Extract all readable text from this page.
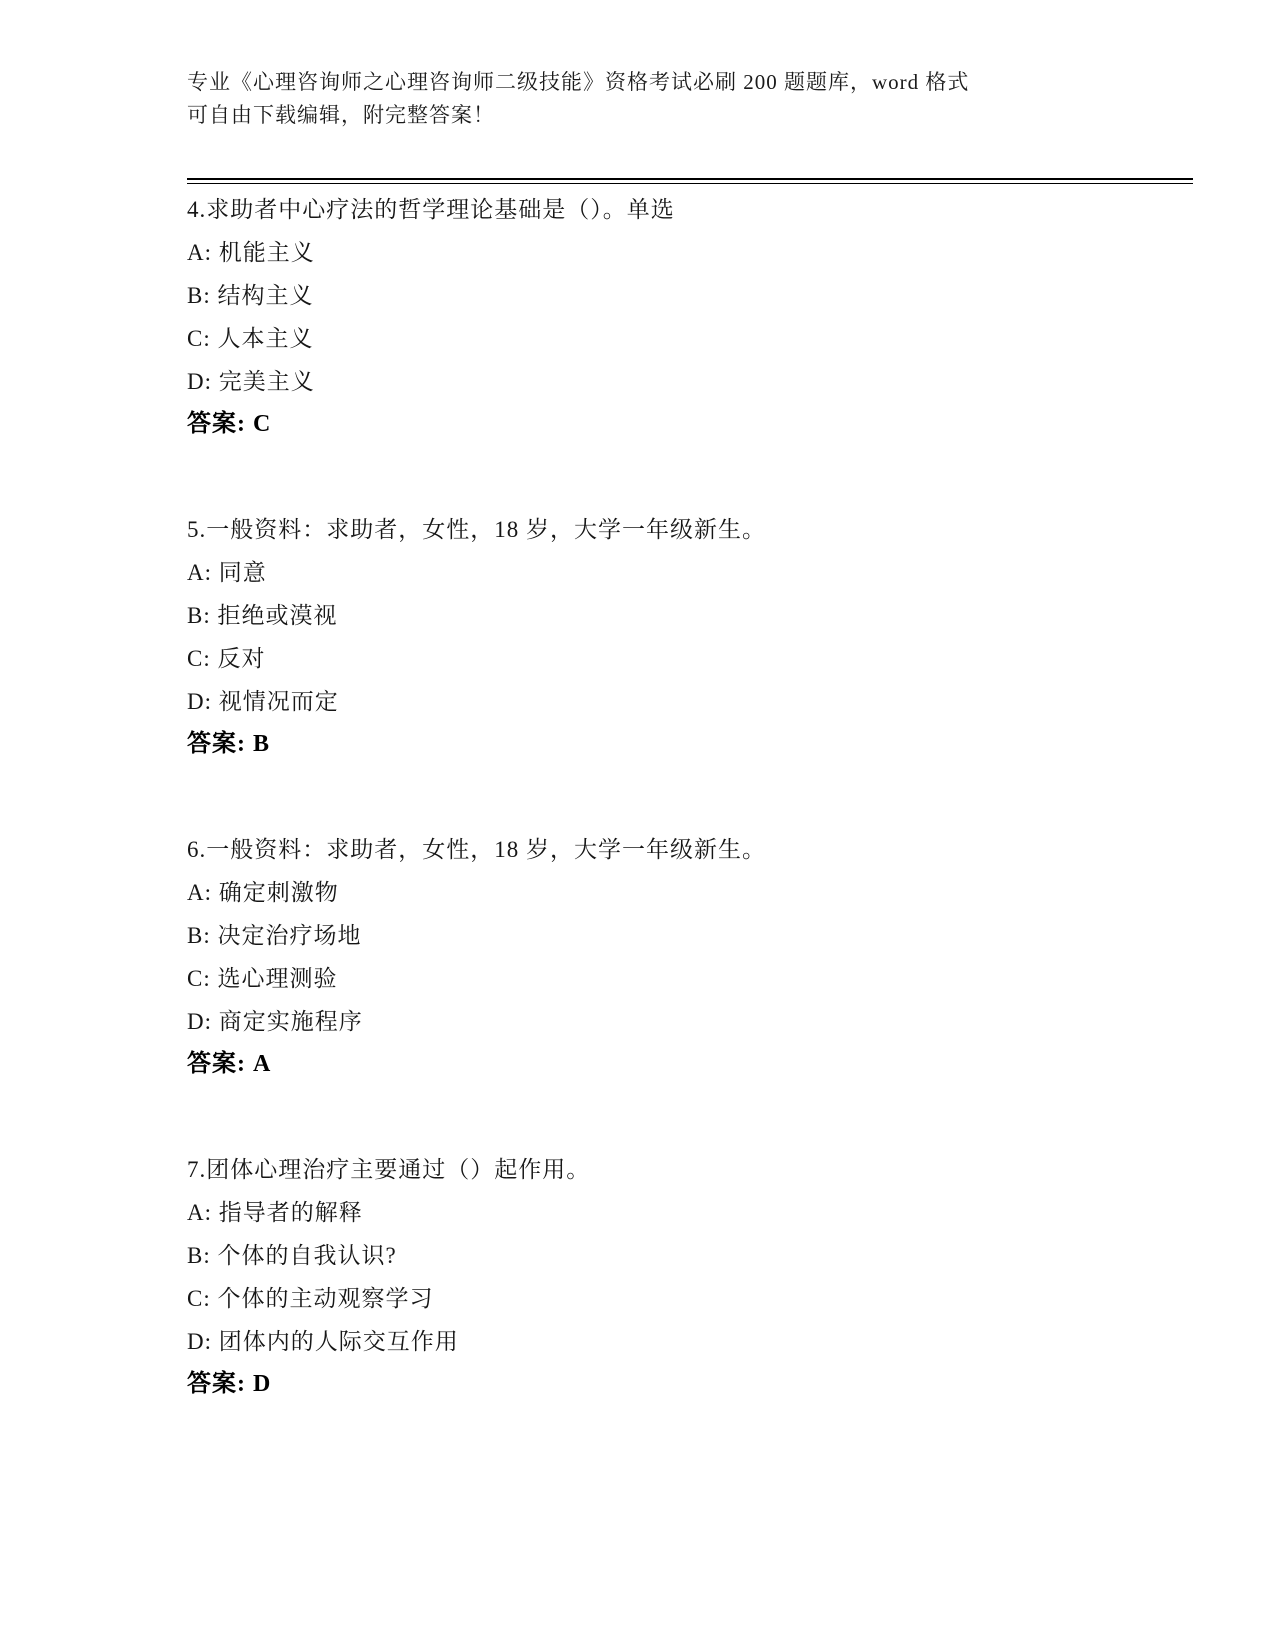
专业《心理咨询师之心理咨询师二级技能》资格考试必刷 200 题题库，word 格式
可自由下载编辑，附完整答案！
4.求助者中心疗法的哲学理论基础是（）。单选
A: 机能主义
B: 结构主义
C: 人本主义
D: 完美主义
答案: C
5.一般资料：求助者，女性，18 岁，大学一年级新生。
A: 同意
B: 拒绝或漠视
C: 反对
D: 视情况而定
答案: B
6.一般资料：求助者，女性，18 岁，大学一年级新生。
A: 确定刺激物
B: 决定治疗场地
C: 选心理测验
D: 商定实施程序
答案: A
7.团体心理治疗主要通过（）起作用。
A: 指导者的解释
B: 个体的自我认识?
C: 个体的主动观察学习
D: 团体内的人际交互作用
答案: D
